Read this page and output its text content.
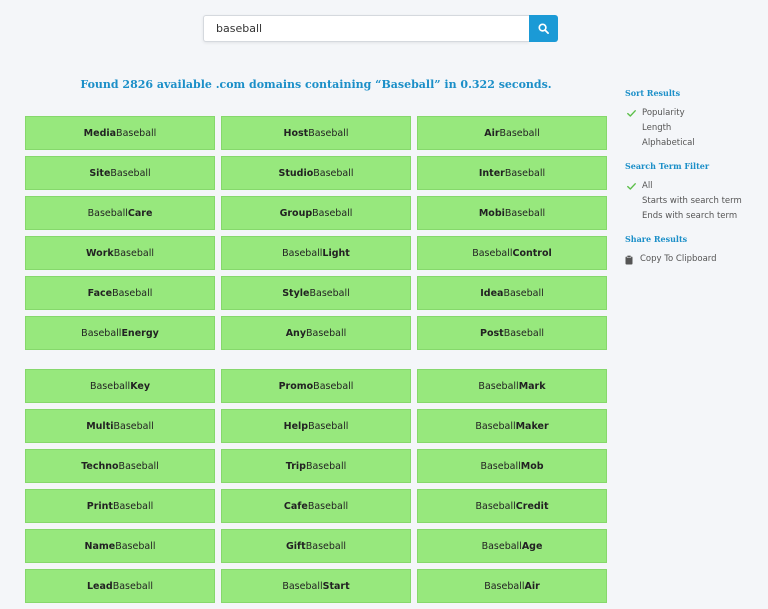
baseball
Found 2826 available .com domains containing “Baseball” in 0.322 seconds.
Media Baseball	Host Baseball	Air Baseball
Site Baseball	Studio Baseball	Inter Baseball
Baseball Care	Group Baseball	Mobi Baseball
Work Baseball	Baseball Light	Baseball Control
Face Baseball	Style Baseball	Idea Baseball
Baseball Energy	Any Baseball	Post Baseball
Baseball Key	Promo Baseball	Baseball Mark
Multi Baseball	Help Baseball	Baseball Maker
Techno Baseball	Trip Baseball	Baseball Mob
Print Baseball	Cafe Baseball	Baseball Credit
Name Baseball	Gift Baseball	Baseball Age
Lead Baseball	Baseball Start	Baseball Air
Sort Results
Popularity
Length
Alphabetical
Search Term Filter
All
Starts with search term
Ends with search term
Share Results
Copy To Clipboard
